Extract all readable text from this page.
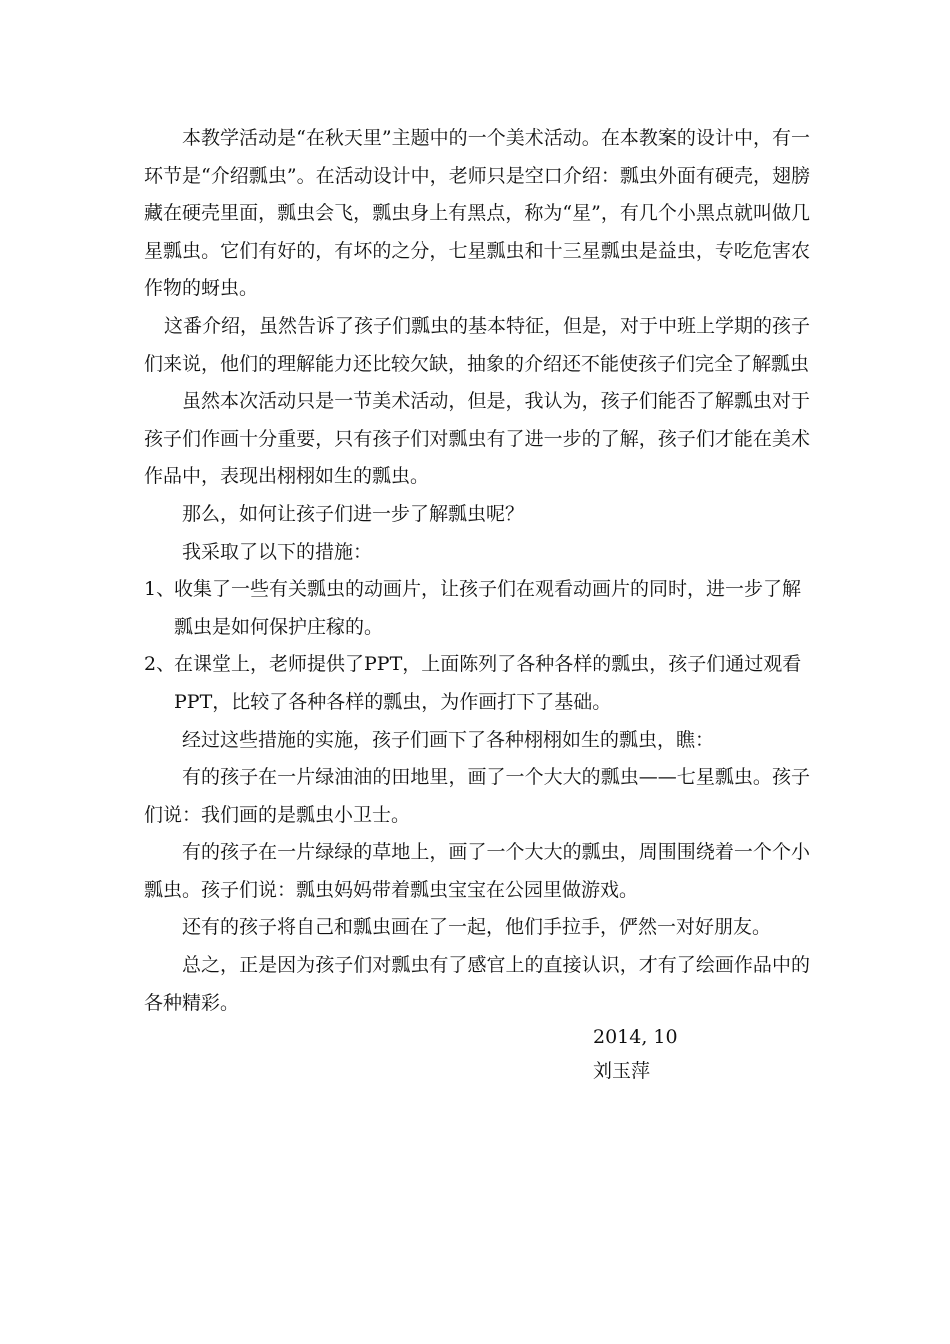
本教学活动是“在秋天里”主题中的一个美术活动。在本教案的设计中，有一环节是“介绍瓢虫”。在活动设计中，老师只是空口介绍：瓢虫外面有硬壳，翅膀藏在硬壳里面，瓢虫会飞，瓢虫身上有黑点，称为“星”，有几个小黑点就叫做几星瓢虫。它们有好的，有坏的之分，七星瓢虫和十三星瓢虫是益虫，专吃危害农作物的蚜虫。

这番介绍，虽然告诉了孩子们瓢虫的基本特征，但是，对于中班上学期的孩子们来说，他们的理解能力还比较欠缺，抽象的介绍还不能使孩子们完全了解瓢虫

虽然本次活动只是一节美术活动，但是，我认为，孩子们能否了解瓢虫对于孩子们作画十分重要，只有孩子们对瓢虫有了进一步的了解，孩子们才能在美术作品中，表现出栩栩如生的瓢虫。

那么，如何让孩子们进一步了解瓢虫呢？

我采取了以下的措施：

1、
收集了一些有关瓢虫的动画片，让孩子们在观看动画片的同时，进一步了解瓢虫是如何保护庄稼的。
2、
在课堂上，老师提供了PPT，上面陈列了各种各样的瓢虫，孩子们通过观看PPT，比较了各种各样的瓢虫，为作画打下了基础。

经过这些措施的实施，孩子们画下了各种栩栩如生的瓢虫，瞧：

有的孩子在一片绿油油的田地里，画了一个大大的瓢虫——七星瓢虫。孩子们说：我们画的是瓢虫小卫士。

有的孩子在一片绿绿的草地上，画了一个大大的瓢虫，周围围绕着一个个小瓢虫。孩子们说：瓢虫妈妈带着瓢虫宝宝在公园里做游戏。

还有的孩子将自己和瓢虫画在了一起，他们手拉手，俨然一对好朋友。

总之，正是因为孩子们对瓢虫有了感官上的直接认识，才有了绘画作品中的各种精彩。

2014, 10
刘玉萍
